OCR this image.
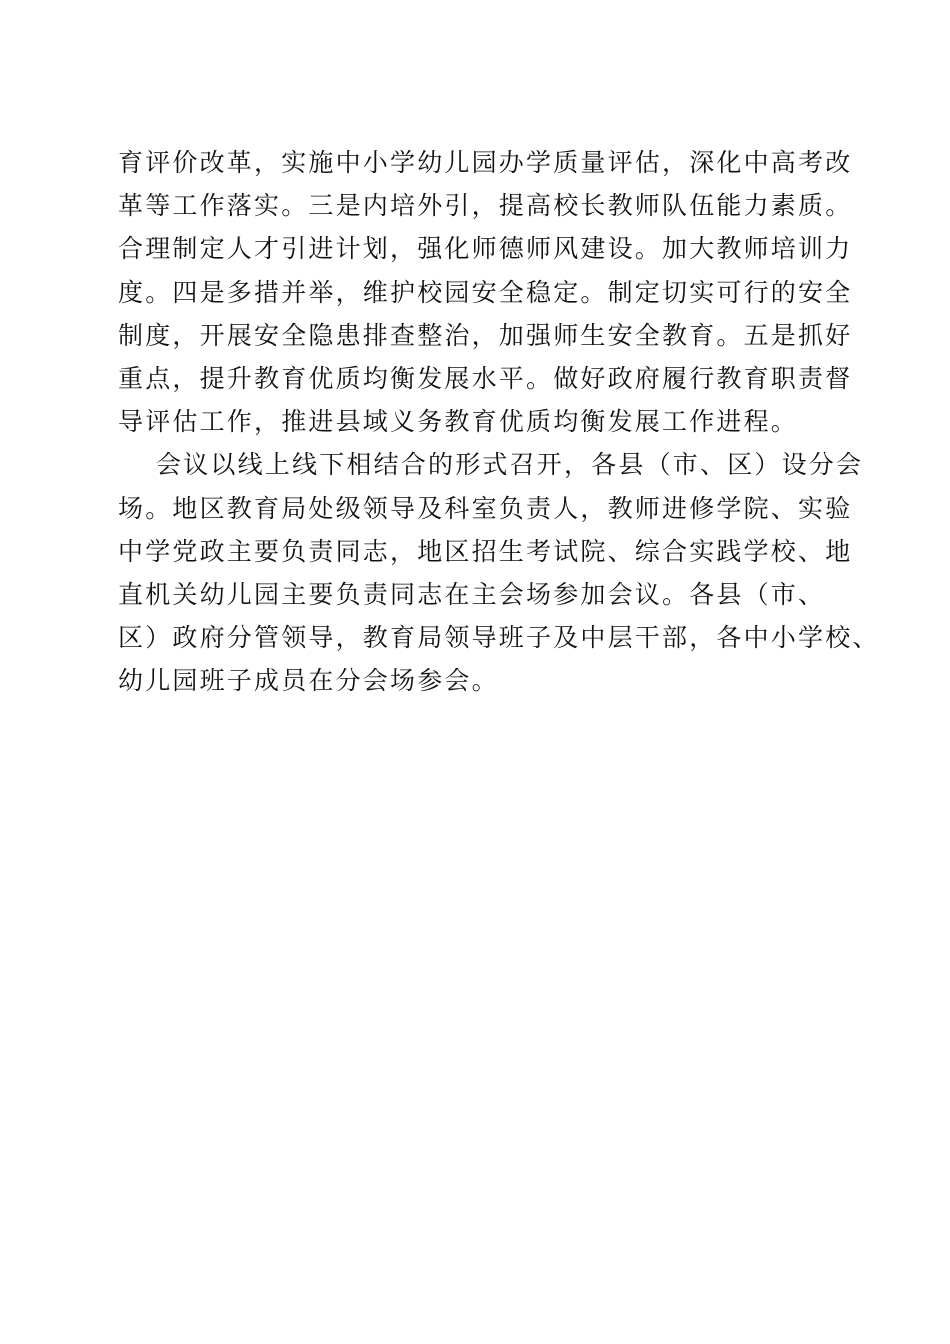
育评价改革，实施中小学幼儿园办学质量评估，深化中高考改
革等工作落实。三是内培外引，提高校长教师队伍能力素质。
合理制定人才引进计划，强化师德师风建设。加大教师培训力
度。四是多措并举，维护校园安全稳定。制定切实可行的安全
制度，开展安全隐患排查整治，加强师生安全教育。五是抓好
重点，提升教育优质均衡发展水平。做好政府履行教育职责督
导评估工作，推进县域义务教育优质均衡发展工作进程。
会议以线上线下相结合的形式召开，各县（市、区）设分会
场。地区教育局处级领导及科室负责人，教师进修学院、实验
中学党政主要负责同志，地区招生考试院、综合实践学校、地
直机关幼儿园主要负责同志在主会场参加会议。各县（市、
区）政府分管领导，教育局领导班子及中层干部，各中小学校、
幼儿园班子成员在分会场参会。
